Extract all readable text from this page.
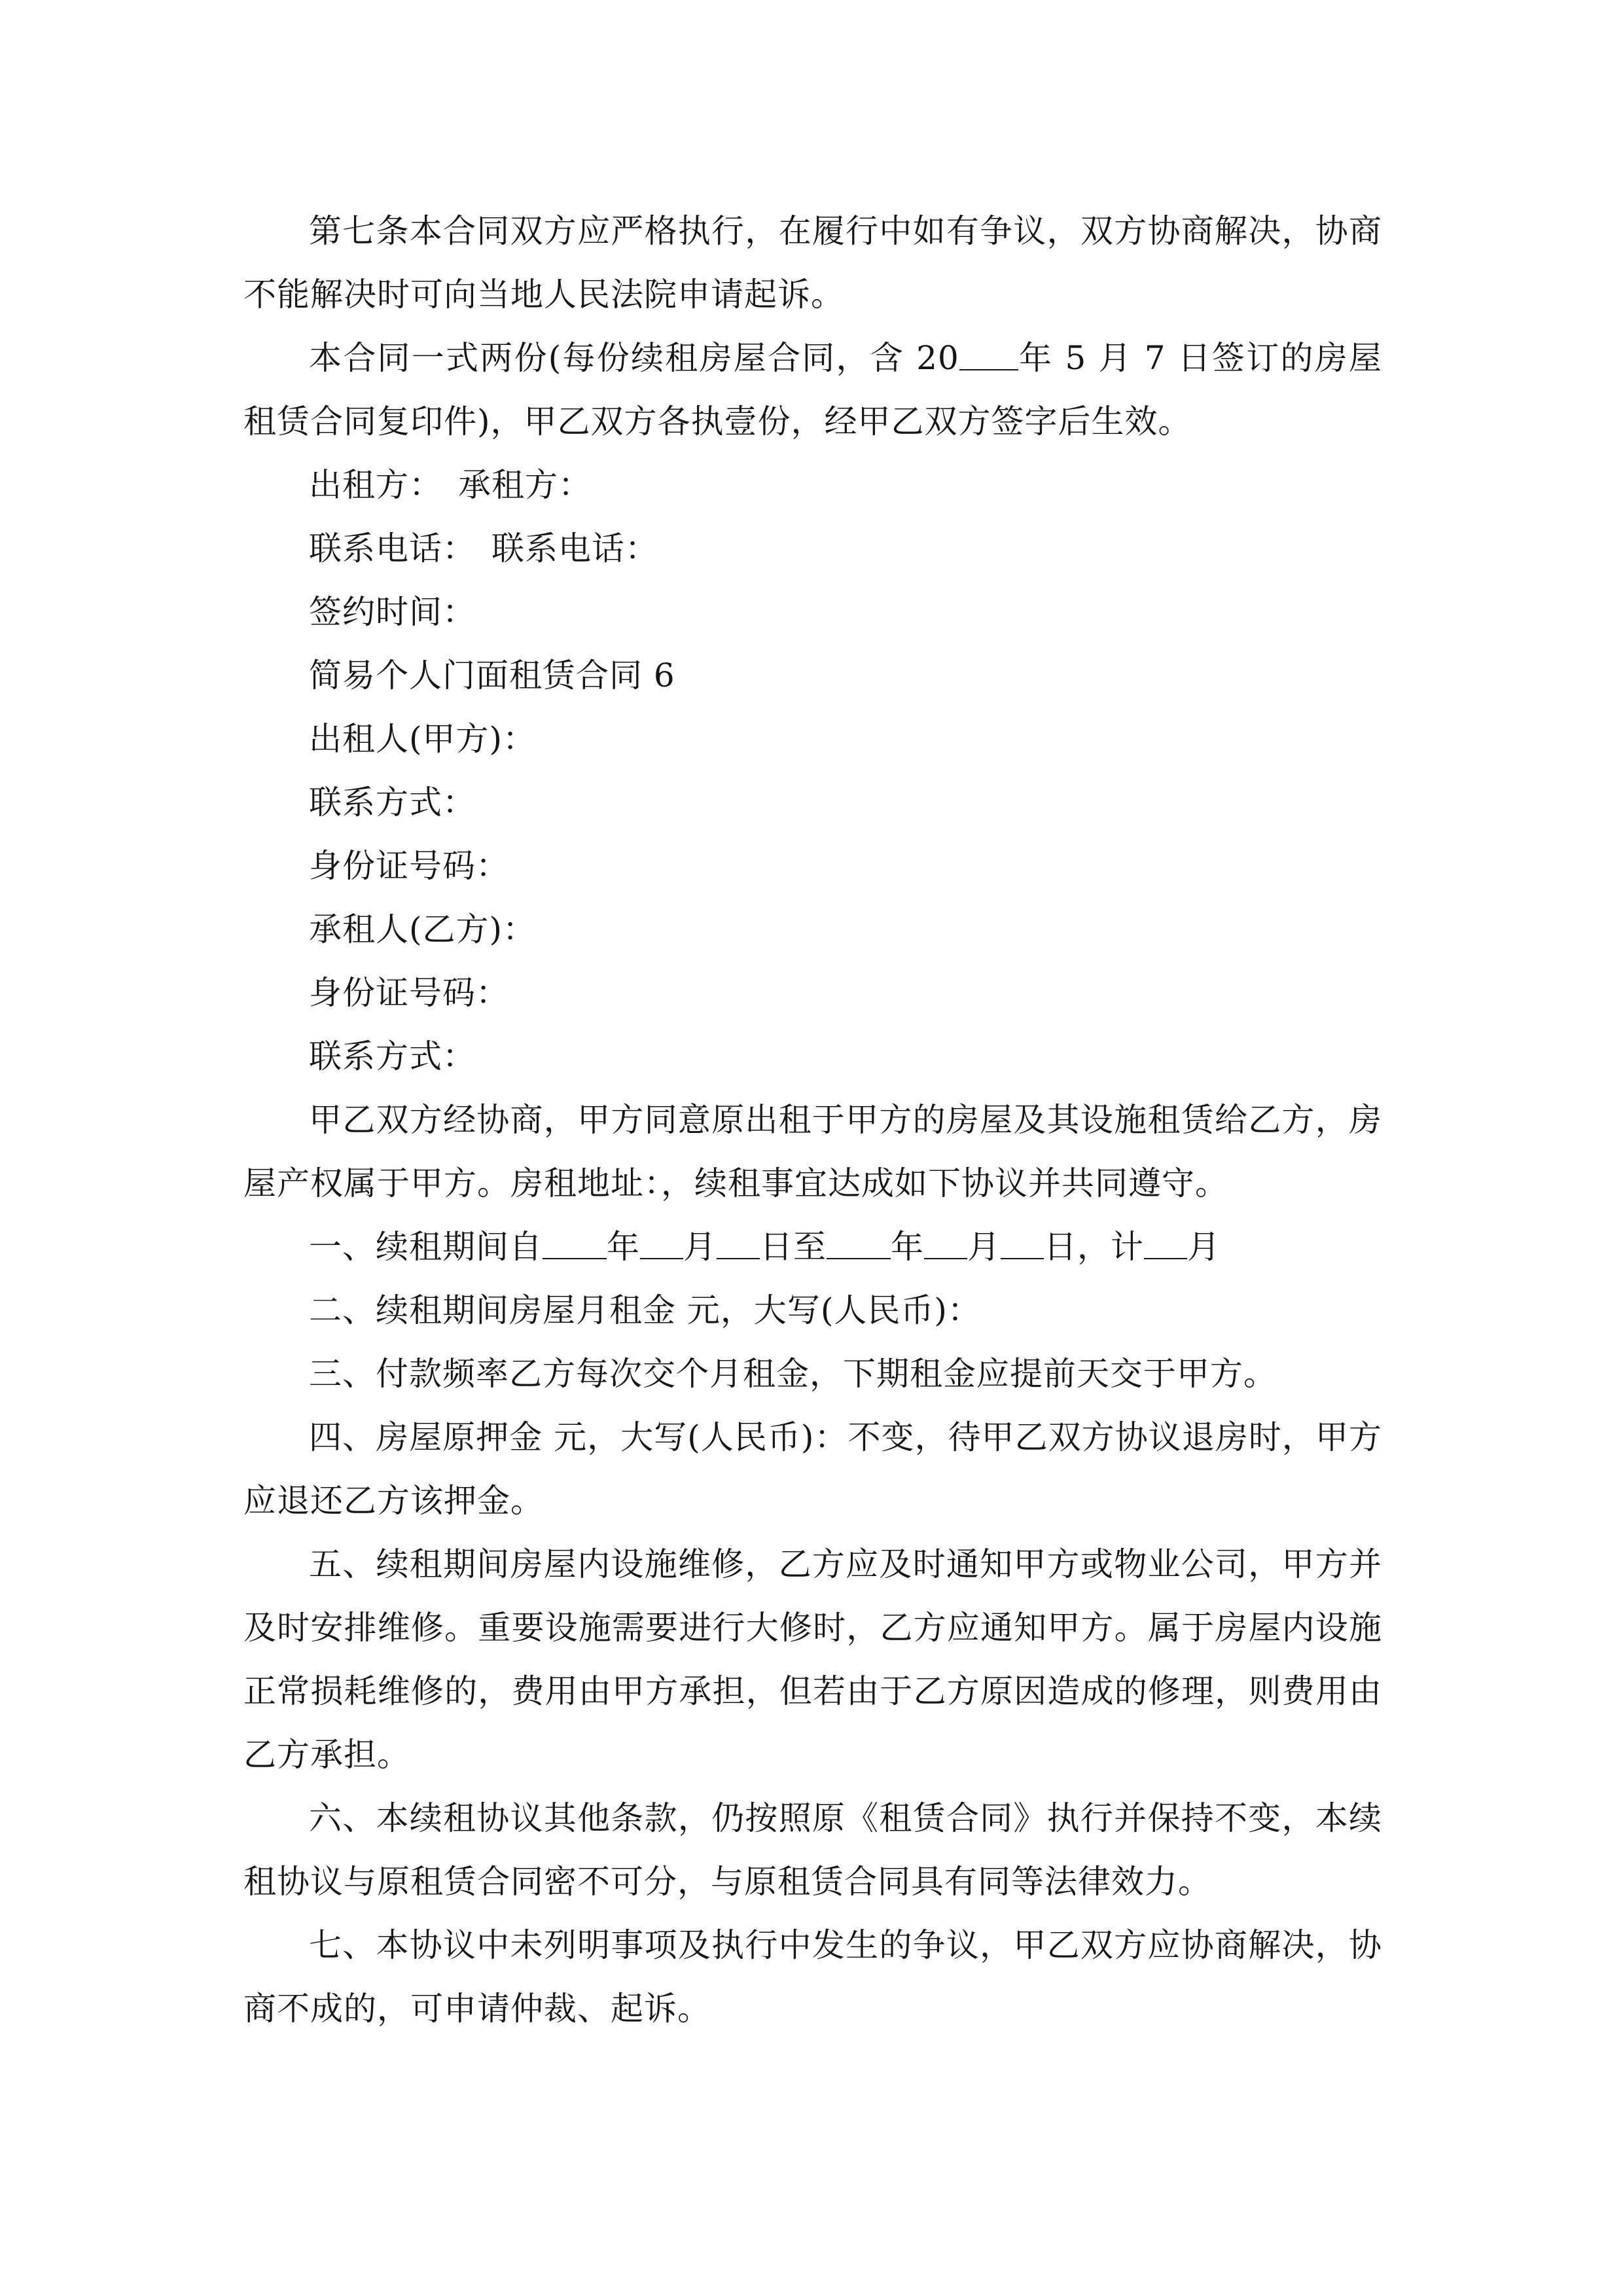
第七条本合同双方应严格执行，在履行中如有争议，双方协商解决，协商不能解决时可向当地人民法院申请起诉。

本合同一式两份(每份续租房屋合同，含 20 年 5 月 7 日签订的房屋租赁合同复印件)，甲乙双方各执壹份，经甲乙双方签字后生效。

出租方： 承租方：

联系电话： 联系电话：

签约时间：

简易个人门面租赁合同 6

出租人(甲方)：

联系方式：

身份证号码：

承租人(乙方)：

身份证号码：

联系方式：

甲乙双方经协商，甲方同意原出租于甲方的房屋及其设施租赁给乙方，房屋产权属于甲方。房租地址：，续租事宜达成如下协议并共同遵守。

一、续租期间自 年 月 日至 年 月 日，计 月

二、续租期间房屋月租金 元，大写(人民币)：

三、付款频率乙方每次交个月租金，下期租金应提前天交于甲方。

四、房屋原押金 元，大写(人民币)：不变，待甲乙双方协议退房时，甲方应退还乙方该押金。

五、续租期间房屋内设施维修，乙方应及时通知甲方或物业公司，甲方并及时安排维修。重要设施需要进行大修时，乙方应通知甲方。属于房屋内设施正常损耗维修的，费用由甲方承担，但若由于乙方原因造成的修理，则费用由乙方承担。

六、本续租协议其他条款，仍按照原《租赁合同》执行并保持不变，本续租协议与原租赁合同密不可分，与原租赁合同具有同等法律效力。

七、本协议中未列明事项及执行中发生的争议，甲乙双方应协商解决，协商不成的，可申请仲裁、起诉。
